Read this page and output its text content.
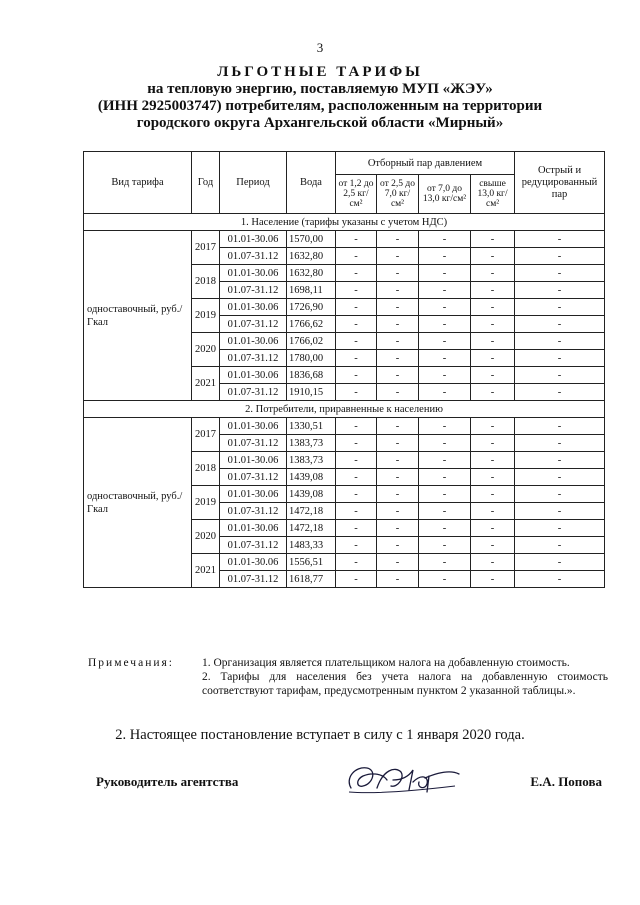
3
ЛЬГОТНЫЕ ТАРИФЫ
на тепловую энергию, поставляемую МУП «ЖЭУ»
(ИНН 2925003747) потребителям, расположенным на территории
городского округа Архангельской области «Мирный»
Вид тарифа	Год	Период	Вода	Отборный пар давлением				Острый и редуцированный пар
				от 1,2 до 2,5 кг/см²	от 2,5 до 7,0 кг/см²	от 7,0 до 13,0 кг/см²	свыше 13,0 кг/см²	
1. Население (тарифы указаны с учетом НДС)								
одноставочный, руб./Гкал	2017	01.01-30.06	1570,00	-	-	-	-	-
		01.07-31.12	1632,80	-	-	-	-	-
	2018	01.01-30.06	1632,80	-	-	-	-	-
		01.07-31.12	1698,11	-	-	-	-	-
	2019	01.01-30.06	1726,90	-	-	-	-	-
		01.07-31.12	1766,62	-	-	-	-	-
	2020	01.01-30.06	1766,02	-	-	-	-	-
		01.07-31.12	1780,00	-	-	-	-	-
	2021	01.01-30.06	1836,68	-	-	-	-	-
		01.07-31.12	1910,15	-	-	-	-	-
2. Потребители, приравненные к населению								
одноставочный, руб./Гкал	2017	01.01-30.06	1330,51	-	-	-	-	-
		01.07-31.12	1383,73	-	-	-	-	-
	2018	01.01-30.06	1383,73	-	-	-	-	-
		01.07-31.12	1439,08	-	-	-	-	-
	2019	01.01-30.06	1439,08	-	-	-	-	-
		01.07-31.12	1472,18	-	-	-	-	-
	2020	01.01-30.06	1472,18	-	-	-	-	-
		01.07-31.12	1483,33	-	-	-	-	-
	2021	01.01-30.06	1556,51	-	-	-	-	-
		01.07-31.12	1618,77	-	-	-	-	-
Примечания: 1. Организация является плательщиком налога на добавленную стоимость.
2. Тарифы для населения без учета налога на добавленную стоимость соответствуют тарифам, предусмотренным пунктом 2 указанной таблицы.».
2. Настоящее постановление вступает в силу с 1 января 2020 года.
Руководитель агентства	Е.А. Попова
